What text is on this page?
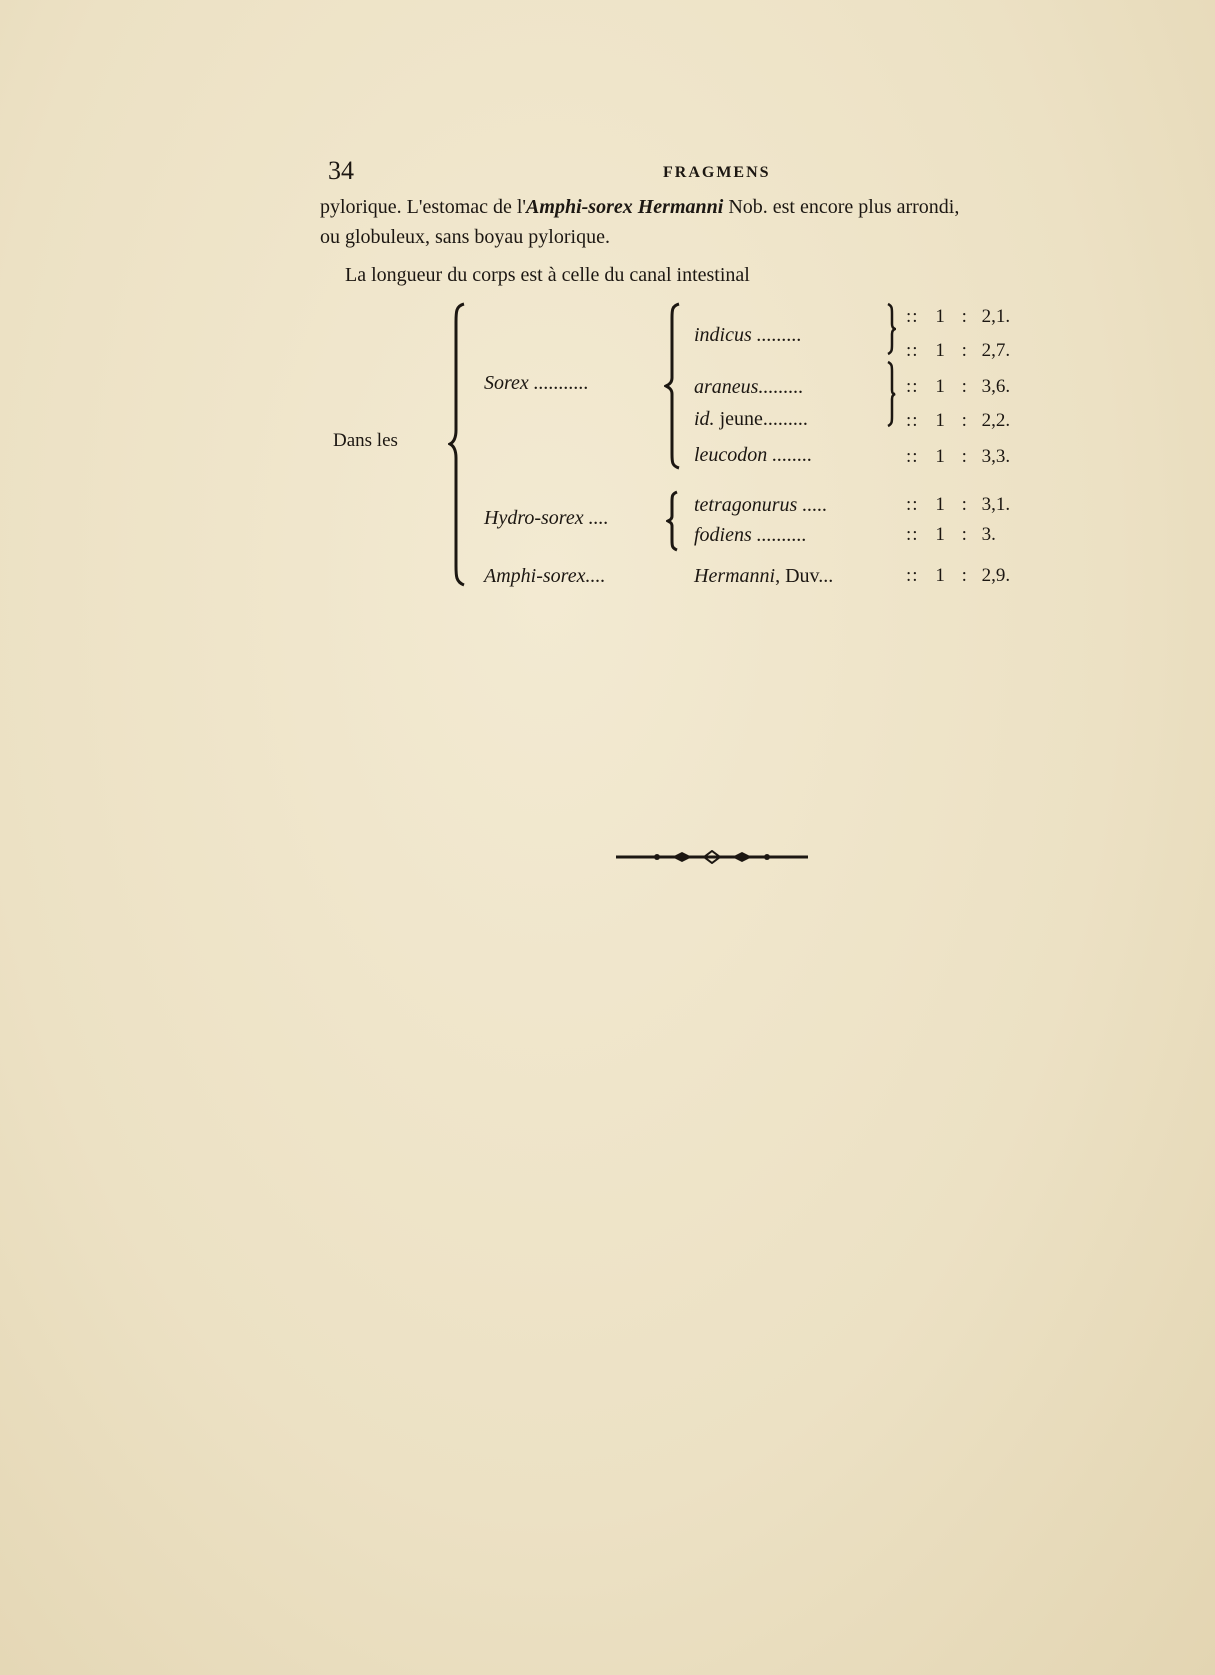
34	FRAGMENS
pylorique. L'estomac de l'Amphi-sorex Hermanni Nob. est encore plus arrondi,
ou globuleux, sans boyau pylorique.
La longueur du corps est à celle du canal intestinal
Dans les
Sorex ...........
Hydro-sorex ....
Amphi-sorex....
indicus .........
araneus.........
id. jeune.........
leucodon ........
tetragonurus .....
fodiens ..........
Hermanni, Duv...
:: 1 : 2,1.
:: 1 : 2,7.
:: 1 : 3,6.
:: 1 : 2,2.
:: 1 : 3,3.
:: 1 : 3,1.
:: 1 : 3.
:: 1 : 2,9.
